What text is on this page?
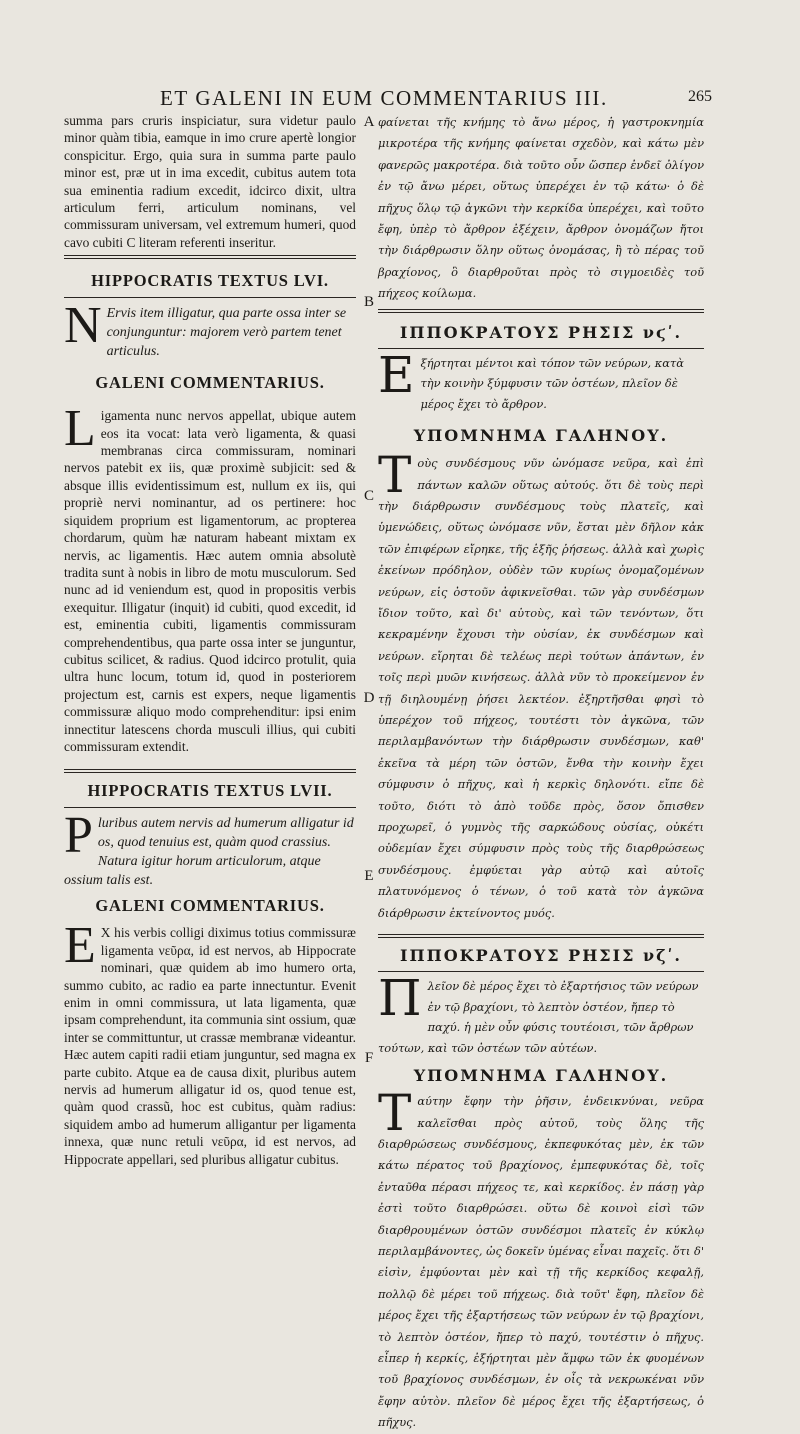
ET GALENI IN EUM COMMENTARIUS III.	265
A
B
C
D
E
F

summa pars cruris inspiciatur, sura videtur paulo minor quàm tibia, eamque in imo crure apertè longior conspicitur. Ergo, quia sura in summa parte paulo minor est, præ ut in ima excedit, cubitus autem tota sua eminentia radium excedit, idcirco dixit, ultra articulum ferri, articulum nominans, vel commissuram universam, vel extremum humeri, quod cavo cubiti C literam referenti inseritur.

HIPPOCRATIS TEXTUS LVI.
N Ervis item illigatur, qua parte ossa inter se conjunguntur: majorem verò partem tenet articulus.

GALENI COMMENTARIUS.
L igamenta nunc nervos appellat, ubique autem eos ita vocat: lata verò ligamenta, & quasi membranas circa commissuram, nominari nervos patebit ex iis, quæ proximè subjicit: sed & absque illis evidentissimum est, nullum ex iis, qui propriè nervi nominantur, ad os pertinere: hoc siquidem proprium est ligamentorum, ac propterea chordarum, quùm hæ naturam habeant mixtam ex nervis, ac ligamentis. Hæc autem omnia absolutè tradita sunt à nobis in libro de motu musculorum. Sed nunc ad id veniendum est, quod in propositis verbis exequitur. Illigatur (inquit) id cubiti, quod excedit, id est, eminentia cubiti, ligamentis commissuram comprehendentibus, qua parte ossa inter se junguntur, cubitus scilicet, & radius. Quod idcirco protulit, quia ultra hunc locum, totum id, quod in posteriorem projectum est, carnis est expers, neque ligamentis commissuræ aliquo modo comprehenditur: ipsi enim innectitur latescens chorda musculi illius, qui cubiti commissuram extendit.

HIPPOCRATIS TEXTUS LVII.
P luribus autem nervis ad humerum alligatur id os, quod tenuius est, quàm quod crassius. Natura igitur horum articulorum, atque ossium talis est.

GALENI COMMENTARIUS.
E X his verbis colligi diximus totius commissuræ ligamenta νεῦρα, id est nervos, ab Hippocrate nominari, quæ quidem ab imo humero orta, summo cubito, ac radio ea parte innectuntur. Evenit enim in omni commissura, ut lata ligamenta, quæ ipsam comprehendunt, ita communia sint ossium, quæ inter se committuntur, ut crassæ membranæ videantur. Hæc autem capiti radii etiam junguntur, sed magna ex parte cubito. Atque ea de causa dixit, pluribus autem nervis ad humerum alligatur id os, quod tenue est, quàm quod crassũ, hoc est cubitus, quàm radius: siquidem ambo ad humerum alligantur per ligamenta innexa, quæ nunc retuli νεῦρα, id est nervos, ad Hippocrate appellari, sed pluribus alligatur cubitus.

φαίνεται τῆς κνήμης τὸ ἄνω μέρος, ἡ γαστροκνημία μικροτέρα τῆς κνήμης φαίνεται σχεδὸν, καὶ κάτω μὲν φανερῶς μακροτέρα. διὰ τοῦτο οὖν ὥσπερ ἐνδεῖ ὀλίγον ἐν τῷ ἄνω μέρει, οὕτως ὑπερέχει ἐν τῷ κάτω· ὁ δὲ πῆχυς ὅλῳ τῷ ἀγκῶνι τὴν κερκίδα ὑπερέχει, καὶ τοῦτο ἔφη, ὑπὲρ τὸ ἄρθρον ἐξέχειν, ἄρθρον ὀνομάζων ἤτοι τὴν διάρθρωσιν ὅλην οὕτως ὀνομάσας, ἢ τὸ πέρας τοῦ βραχίονος, ὃ διαρθροῦται πρὸς τὸ σιγμοειδὲς τοῦ πήχεος κοίλωμα.

ΙΠΠΟΚΡΑΤΟΥΣ ΡΗΣΙΣ νϛʹ.
Ε ξήρτηται μέντοι καὶ τόπον τῶν νεύρων, κατὰ τὴν κοινὴν ξύμφυσιν τῶν ὀστέων, πλεῖον δὲ μέρος ἔχει τὸ ἄρθρον.

ΥΠΟΜΝΗΜΑ ΓΑΛΗΝΟΥ.
Τ οὺς συνδέσμους νῦν ὠνόμασε νεῦρα, καὶ ἐπὶ πάντων καλῶν οὕτως αὐτούς. ὅτι δὲ τοὺς περὶ τὴν διάρθρωσιν συνδέσμους τοὺς πλατεῖς, καὶ ὑμενώδεις, οὕτως ὠνόμασε νῦν, ἔσται μὲν δῆλον κἀκ τῶν ἐπιφέρων εἴρηκε, τῆς ἑξῆς ῥήσεως. ἀλλὰ καὶ χωρὶς ἐκείνων πρόδηλον, οὐδὲν τῶν κυρίως ὀνομαζομένων νεύρων, εἰς ὀστοῦν ἀφικνεῖσθαι. τῶν γὰρ συνδέσμων ἴδιον τοῦτο, καὶ δι' αὐτοὺς, καὶ τῶν τενόντων, ὅτι κεκραμένην ἔχουσι τὴν οὐσίαν, ἐκ συνδέσμων καὶ νεύρων. εἴρηται δὲ τελέως περὶ τούτων ἁπάντων, ἐν τοῖς περὶ μυῶν κινήσεως. ἀλλὰ νῦν τὸ προκείμενον ἐν τῇ διηλουμένῃ ῥήσει λεκτέον. ἐξηρτῆσθαι φησὶ τὸ ὑπερέχον τοῦ πήχεος, τουτέστι τὸν ἀγκῶνα, τῶν περιλαμβανόντων τὴν διάρθρωσιν συνδέσμων, καθ' ἐκεῖνα τὰ μέρη τῶν ὀστῶν, ἔνθα τὴν κοινὴν ἔχει σύμφυσιν ὁ πῆχυς, καὶ ἡ κερκὶς δηλονότι. εἴπε δὲ τοῦτο, διότι τὸ ἀπὸ τοῦδε πρὸς, ὅσον ὄπισθεν προχωρεῖ, ὁ γυμνὸς τῆς σαρκώδους οὐσίας, οὐκέτι οὐδεμίαν ἔχει σύμφυσιν πρὸς τοὺς τῆς διαρθρώσεως συνδέσμους. ἐμφύεται γὰρ αὐτῷ καὶ αὐτοῖς πλατυνόμενος ὁ τένων, ὁ τοῦ κατὰ τὸν ἀγκῶνα διάρθρωσιν ἐκτείνοντος μυός.

ΙΠΠΟΚΡΑΤΟΥΣ ΡΗΣΙΣ νζʹ.
Π λεῖον δὲ μέρος ἔχει τὸ ἐξαρτήσιος τῶν νεύρων ἐν τῷ βραχίονι, τὸ λεπτὸν ὀστέον, ἤπερ τὸ παχύ. ἡ μὲν οὖν φύσις τουτέοισι, τῶν ἄρθρων τούτων, καὶ τῶν ὀστέων τῶν αὐτέων.

ΥΠΟΜΝΗΜΑ ΓΑΛΗΝΟΥ.
Τ αύτην ἔφην τὴν ῥῆσιν, ἐνδεικνύναι, νεῦρα καλεῖσθαι πρὸς αὐτοῦ, τοὺς ὅλης τῆς διαρθρώσεως συνδέσμους, ἐκπεφυκότας μὲν, ἐκ τῶν κάτω πέρατος τοῦ βραχίονος, ἐμπεφυκότας δὲ, τοῖς ἐνταῦθα πέρασι πήχεος τε, καὶ κερκίδος. ἐν πάσῃ γὰρ ἐστὶ τοῦτο διαρθρώσει. οὕτω δὲ κοινοὶ εἰσὶ τῶν διαρθρουμένων ὀστῶν συνδέσμοι πλατεῖς ἐν κύκλῳ περιλαμβάνοντες, ὡς δοκεῖν ὑμένας εἶναι παχεῖς. ὅτι δ' εἰσὶν, ἐμφύονται μὲν καὶ τῇ τῆς κερκίδος κεφαλῇ, πολλῷ δὲ μέρει τοῦ πήχεως. διὰ τοῦτ' ἔφη, πλεῖον δὲ μέρος ἔχει τῆς ἐξαρτήσεως τῶν νεύρων ἐν τῷ βραχίονι, τὸ λεπτὸν ὀστέον, ἤπερ τὸ παχύ, τουτέστιν ὁ πῆχυς. εἶπερ ἡ κερκίς, ἐξήρτηται μὲν ἄμφω τῶν ἐκ φυομένων τοῦ βραχίονος συνδέσμων, ἐν οἷς τὰ νεκρωκέναι νῦν ἔφην αὐτὸν. πλεῖον δὲ μέρος ἔχει τῆς ἐξαρτήσεως, ὁ πῆχυς.
